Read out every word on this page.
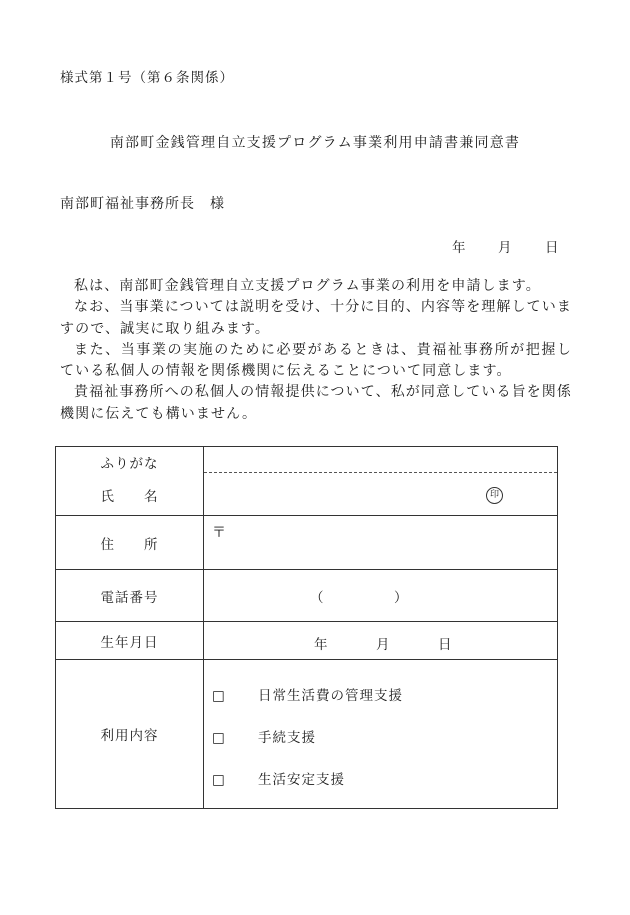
様式第１号（第６条関係）
南部町金銭管理自立支援プログラム事業利用申請書兼同意書
南部町福祉事務所長　様
年 月 日

私は、南部町金銭管理自立支援プログラム事業の利用を申請します。

なお、当事業については説明を受け、十分に目的、内容等を理解していますので、誠実に取り組みます。

また、当事業の実施のために必要があるときは、貴福祉事務所が把握している私個人の情報を関係機関に伝えることについて同意します。

貴福祉事務所への私個人の情報提供について、私が同意している旨を関係機関に伝えても構いません。

ふりがな
氏　　名	印

住　　所	〒

電話番号	（ ）

生年月日	年 月 日

利用内容	□ 日常生活費の管理支援
□ 手続支援
□ 生活安定支援
